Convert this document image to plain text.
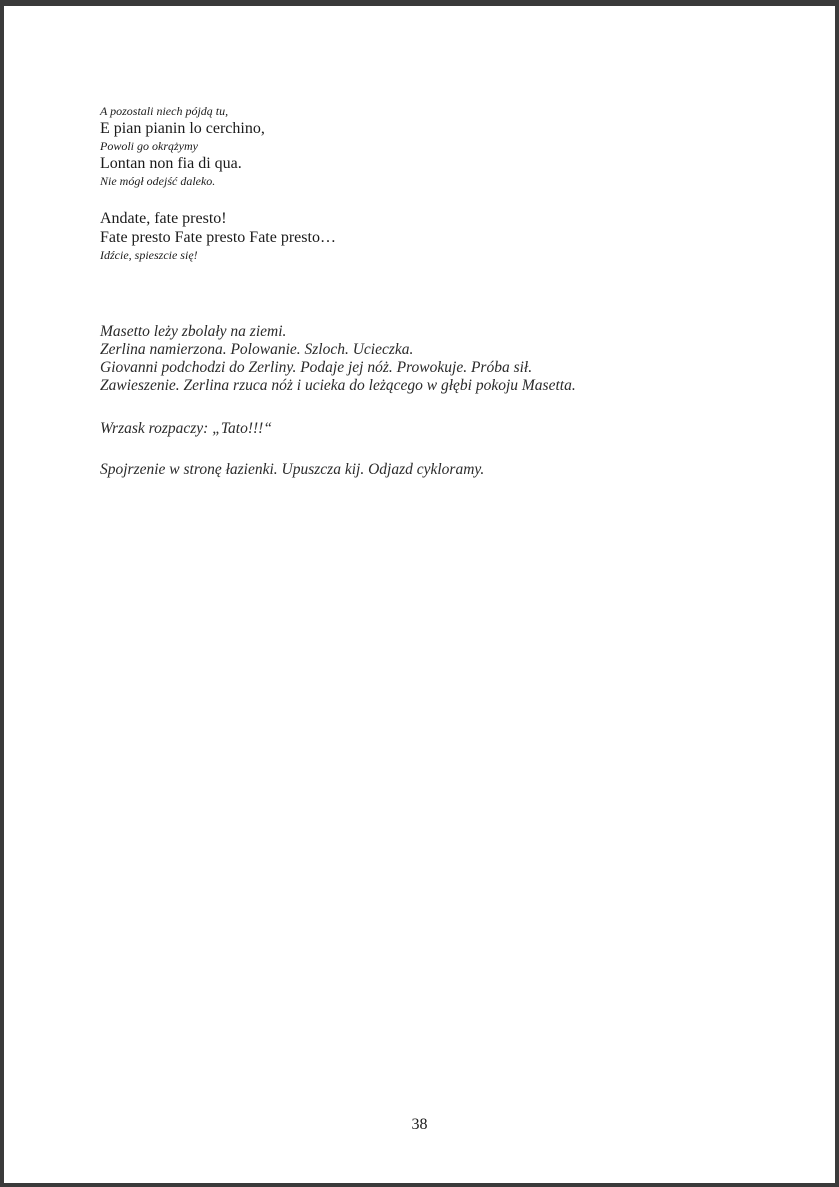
A pozostali niech pójdą tu,
E pian pianin lo cerchino,
Powoli go okrążymy
Lontan non fia di qua.
Nie mógł odejść daleko.
Andate, fate presto!
Fate presto Fate presto Fate presto…
Idźcie, spieszcie się!
Masetto leży zbolały na ziemi.
Zerlina namierzona. Polowanie. Szloch. Ucieczka.
Giovanni podchodzi do Zerliny. Podaje jej nóż. Prowokuje. Próba sił.
Zawieszenie. Zerlina rzuca nóż i ucieka do leżącego w głębi pokoju Masetta.
Wrzask rozpaczy: „Tato!!!“
Spojrzenie w stronę łazienki. Upuszcza kij. Odjazd cykloramy.
38
